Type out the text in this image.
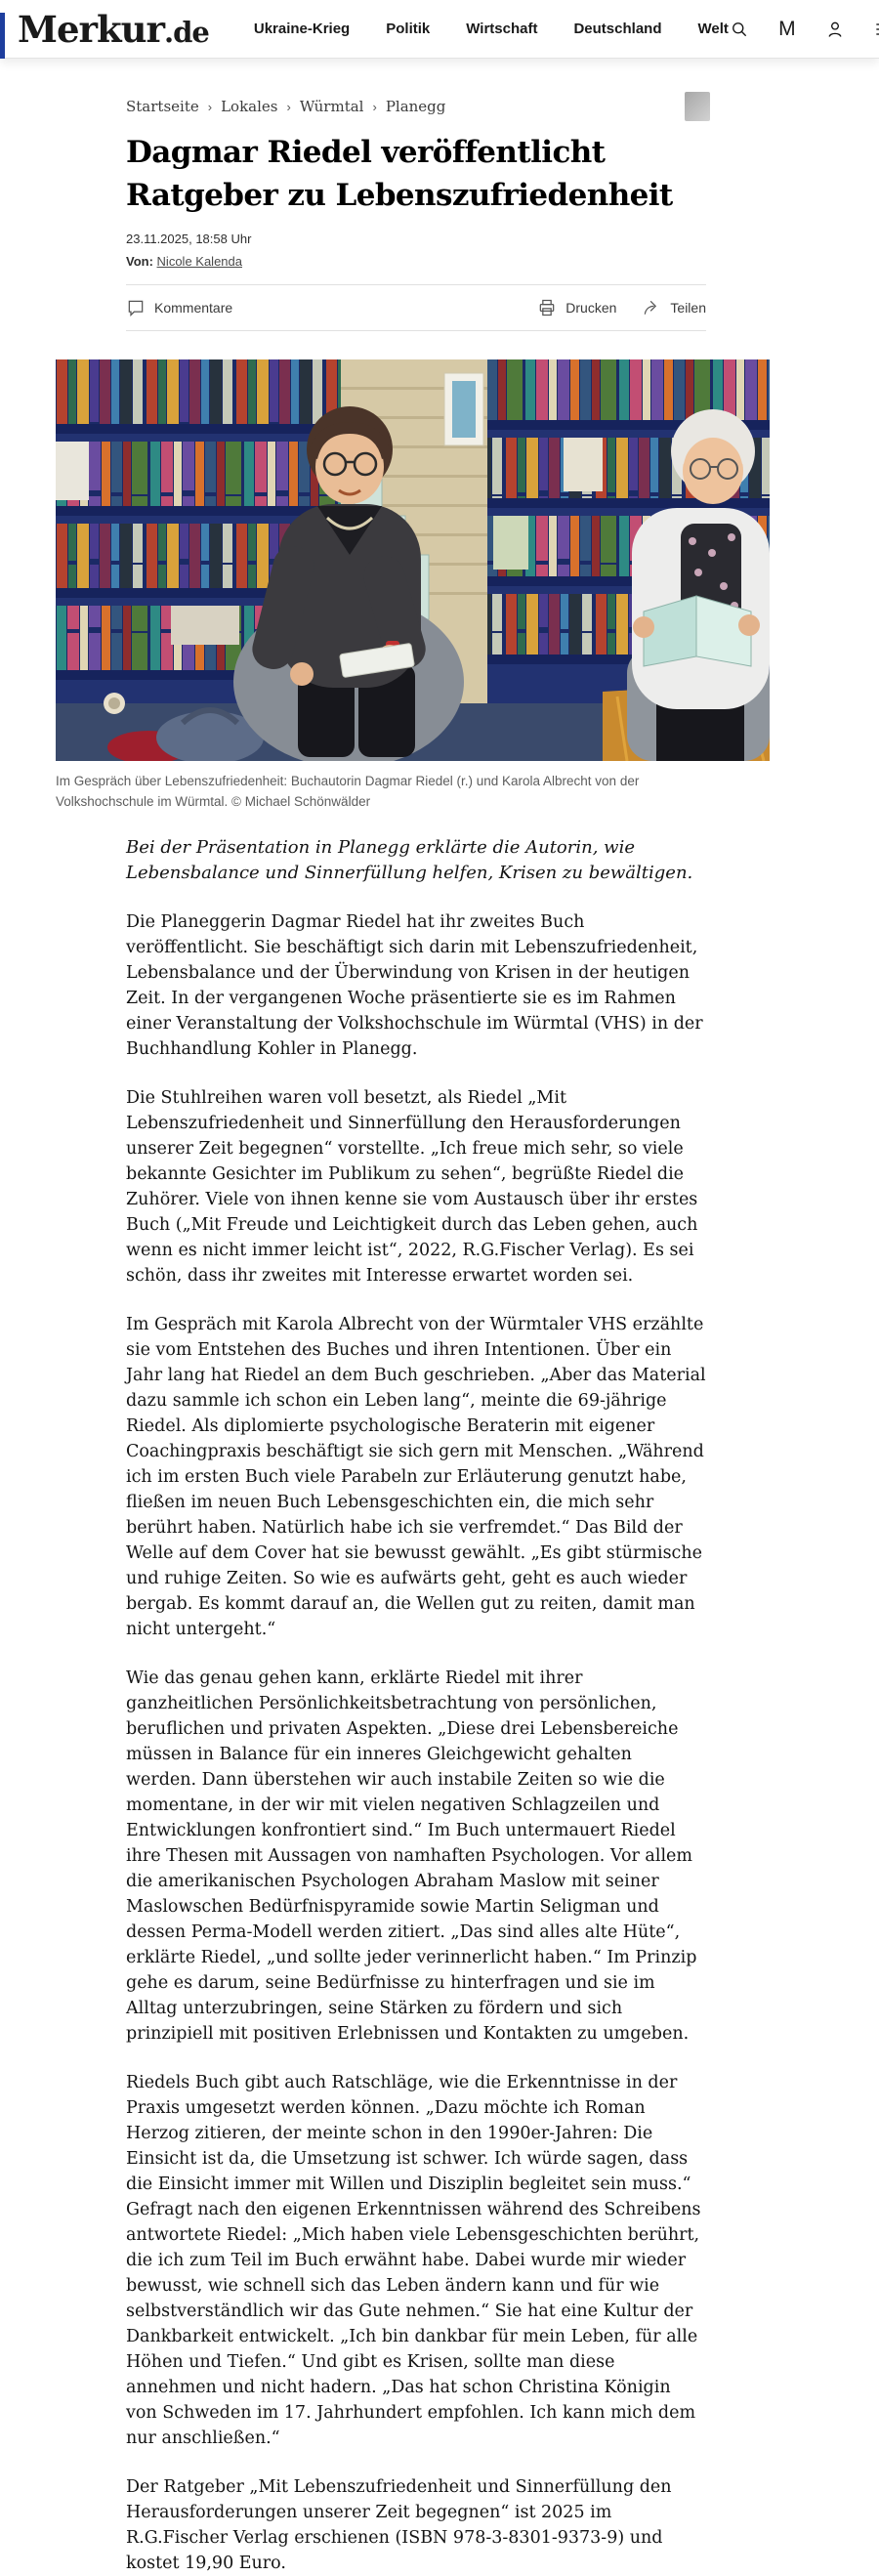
Merkur .de	Ukraine-Krieg Politik Wirtschaft Deutschland Welt M
Startseite › Lokales › Würmtal › Planegg
Dagmar Riedel veröffentlicht Ratgeber zu Lebenszufriedenheit
23.11.2025, 18:58 Uhr
Von: Nicole Kalenda
Kommentare	Drucken	Teilen
Im Gespräch über Lebenszufriedenheit: Buchautorin Dagmar Riedel (r.) und Karola Albrecht von der Volkshochschule im Würmtal. © Michael Schönwälder

Bei der Präsentation in Planegg erklärte die Autorin, wie Lebensbalance und Sinnerfüllung helfen, Krisen zu bewältigen.

Die Planeggerin Dagmar Riedel hat ihr zweites Buch veröffentlicht. Sie beschäftigt sich darin mit Lebenszufriedenheit, Lebensbalance und der Überwindung von Krisen in der heutigen Zeit. In der vergangenen Woche präsentierte sie es im Rahmen einer Veranstaltung der Volkshochschule im Würmtal (VHS) in der Buchhandlung Kohler in Planegg.

Die Stuhlreihen waren voll besetzt, als Riedel „Mit Lebenszufriedenheit und Sinnerfüllung den Herausforderungen unserer Zeit begegnen“ vorstellte. „Ich freue mich sehr, so viele bekannte Gesichter im Publikum zu sehen“, begrüßte Riedel die Zuhörer. Viele von ihnen kenne sie vom Austausch über ihr erstes Buch („Mit Freude und Leichtigkeit durch das Leben gehen, auch wenn es nicht immer leicht ist“, 2022, R.G.Fischer Verlag). Es sei schön, dass ihr zweites mit Interesse erwartet worden sei.

Im Gespräch mit Karola Albrecht von der Würmtaler VHS erzählte sie vom Entstehen des Buches und ihren Intentionen. Über ein Jahr lang hat Riedel an dem Buch geschrieben. „Aber das Material dazu sammle ich schon ein Leben lang“, meinte die 69-jährige Riedel. Als diplomierte psychologische Beraterin mit eigener Coachingpraxis beschäftigt sie sich gern mit Menschen. „Während ich im ersten Buch viele Parabeln zur Erläuterung genutzt habe, fließen im neuen Buch Lebensgeschichten ein, die mich sehr berührt haben. Natürlich habe ich sie verfremdet.“ Das Bild der Welle auf dem Cover hat sie bewusst gewählt. „Es gibt stürmische und ruhige Zeiten. So wie es aufwärts geht, geht es auch wieder bergab. Es kommt darauf an, die Wellen gut zu reiten, damit man nicht untergeht.“

Wie das genau gehen kann, erklärte Riedel mit ihrer ganzheitlichen Persönlichkeitsbetrachtung von persönlichen, beruflichen und privaten Aspekten. „Diese drei Lebensbereiche müssen in Balance für ein inneres Gleichgewicht gehalten werden. Dann überstehen wir auch instabile Zeiten so wie die momentane, in der wir mit vielen negativen Schlagzeilen und Entwicklungen konfrontiert sind.“ Im Buch untermauert Riedel ihre Thesen mit Aussagen von namhaften Psychologen. Vor allem die amerikanischen Psychologen Abraham Maslow mit seiner Maslowschen Bedürfnispyramide sowie Martin Seligman und dessen Perma-Modell werden zitiert. „Das sind alles alte Hüte“, erklärte Riedel, „und sollte jeder verinnerlicht haben.“ Im Prinzip gehe es darum, seine Bedürfnisse zu hinterfragen und sie im Alltag unterzubringen, seine Stärken zu fördern und sich prinzipiell mit positiven Erlebnissen und Kontakten zu umgeben.

Riedels Buch gibt auch Ratschläge, wie die Erkenntnisse in der Praxis umgesetzt werden können. „Dazu möchte ich Roman Herzog zitieren, der meinte schon in den 1990er-Jahren: Die Einsicht ist da, die Umsetzung ist schwer. Ich würde sagen, dass die Einsicht immer mit Willen und Disziplin begleitet sein muss.“ Gefragt nach den eigenen Erkenntnissen während des Schreibens antwortete Riedel: „Mich haben viele Lebensgeschichten berührt, die ich zum Teil im Buch erwähnt habe. Dabei wurde mir wieder bewusst, wie schnell sich das Leben ändern kann und für wie selbstverständlich wir das Gute nehmen.“ Sie hat eine Kultur der Dankbarkeit entwickelt. „Ich bin dankbar für mein Leben, für alle Höhen und Tiefen.“ Und gibt es Krisen, sollte man diese annehmen und nicht hadern. „Das hat schon Christina Königin von Schweden im 17. Jahrhundert empfohlen. Ich kann mich dem nur anschließen.“

Der Ratgeber „Mit Lebenszufriedenheit und Sinnerfüllung den Herausforderungen unserer Zeit begegnen“ ist 2025 im R.G.Fischer Verlag erschienen (ISBN 978-3-8301-9373-9) und kostet 19,90 Euro.
